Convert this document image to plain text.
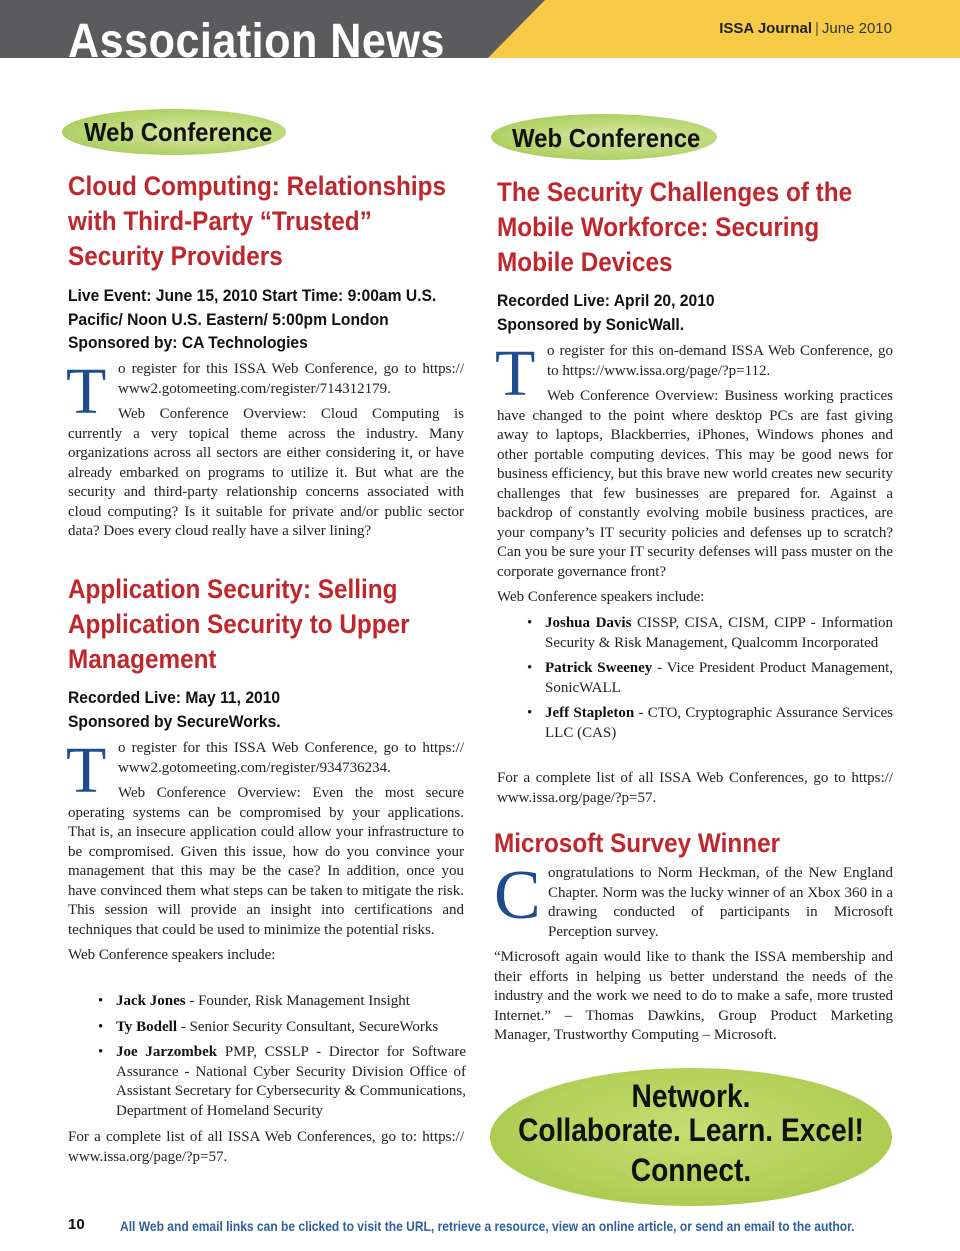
Association News	ISSA Journal | June 2010
Web Conference
Cloud Computing: Relationships
with Third-Party “Trusted”
Security Providers
Live Event: June 15, 2010 Start Time: 9:00am U.S.
Pacific/ Noon U.S. Eastern/ 5:00pm London
Sponsored by: CA Technologies
T o register for this ISSA Web Conference, go to https:// www2.gotomeeting.com/register/714312179.

Web Conference Overview: Cloud Computing is currently a very topical theme across the industry. Many organizations across all sectors are either considering it, or have already embarked on programs to utilize it. But what are the security and third-party relationship concerns associated with cloud computing? Is it suitable for private and/or public sector data? Does every cloud really have a silver lining?

Application Security: Selling
Application Security to Upper
Management
Recorded Live: May 11, 2010
Sponsored by SecureWorks.
T o register for this ISSA Web Conference, go to https:// www2.gotomeeting.com/register/934736234.

Web Conference Overview: Even the most secure operating systems can be compromised by your applications. That is, an insecure application could allow your infrastructure to be compromised. Given this issue, how do you convince your management that this may be the case? In addition, once you have convinced them what steps can be taken to mitigate the risk. This session will provide an insight into certifications and techniques that could be used to minimize the potential risks.

Web Conference speakers include:

• Jack Jones - Founder, Risk Management Insight
• Ty Bodell - Senior Security Consultant, SecureWorks
• Joe Jarzombek PMP, CSSLP - Director for Software Assurance - National Cyber Security Division Office of Assistant Secretary for Cybersecurity & Communications, Department of Homeland Security
For a complete list of all ISSA Web Conferences, go to: https:// www.issa.org/page/?p=57.
Web Conference
The Security Challenges of the
Mobile Workforce: Securing
Mobile Devices
Recorded Live: April 20, 2010
Sponsored by SonicWall.
T o register for this on-demand ISSA Web Conference, go to https://www.issa.org/page/?p=112.

Web Conference Overview: Business working practices have changed to the point where desktop PCs are fast giving away to laptops, Blackberries, iPhones, Windows phones and other portable computing devices. This may be good news for business efficiency, but this brave new world creates new security challenges that few businesses are prepared for. Against a backdrop of constantly evolving mobile business practices, are your company’s IT security policies and defenses up to scratch? Can you be sure your IT security defenses will pass muster on the corporate governance front?

Web Conference speakers include:

• Joshua Davis CISSP, CISA, CISM, CIPP - Information Security & Risk Management, Qualcomm Incorporated
• Patrick Sweeney - Vice President Product Management, SonicWALL
• Jeff Stapleton - CTO, Cryptographic Assurance Services LLC (CAS)
For a complete list of all ISSA Web Conferences, go to https:// www.issa.org/page/?p=57.
Microsoft Survey Winner
C ongratulations to Norm Heckman, of the New England Chapter. Norm was the lucky winner of an Xbox 360 in a drawing conducted of participants in Microsoft Perception survey.

“Microsoft again would like to thank the ISSA membership and their efforts in helping us better understand the needs of the industry and the work we need to do to make a safe, more trusted Internet.” – Thomas Dawkins, Group Product Marketing Manager, Trustworthy Computing – Microsoft.

Network.
Collaborate. Learn. Excel!
Connect.
10	All Web and email links can be clicked to visit the URL, retrieve a resource, view an online article, or send an email to the author.
